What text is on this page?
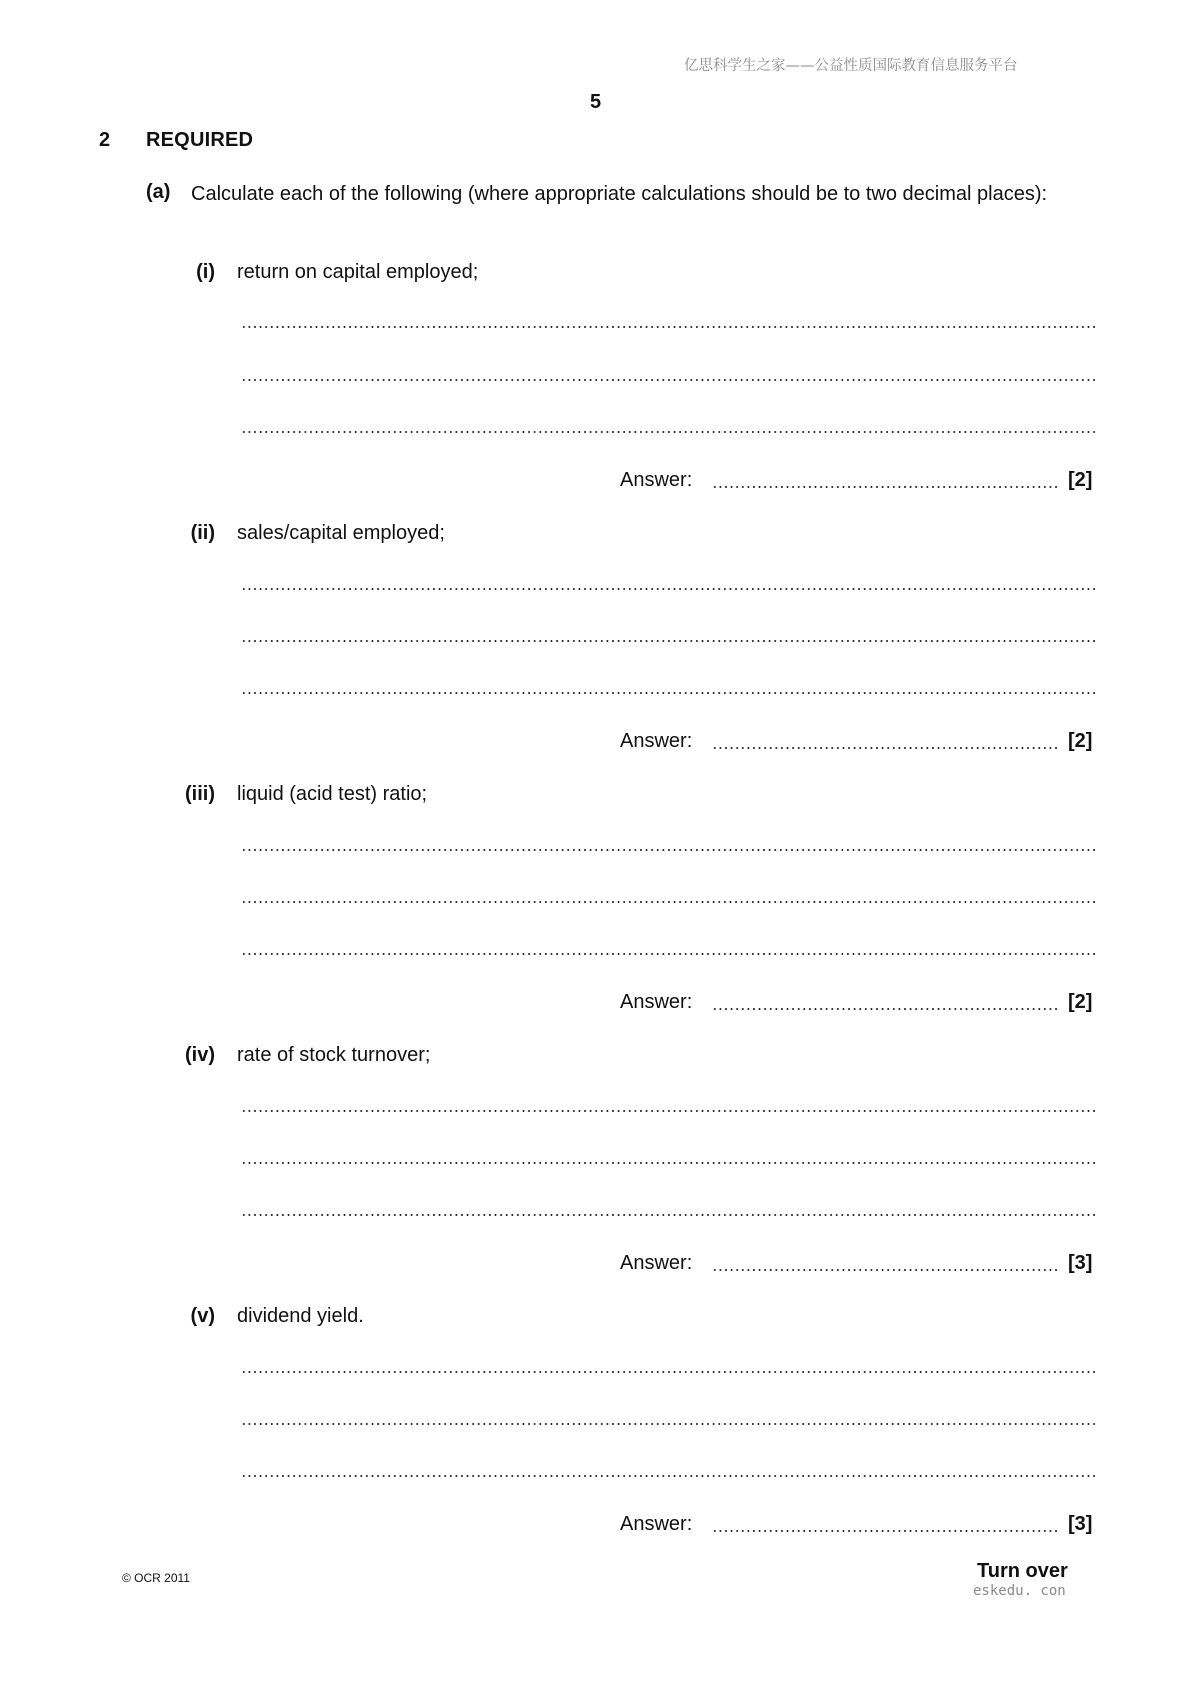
亿思科学生之家——公益性质国际教育信息服务平台
5
2 REQUIRED
(a) Calculate each of the following (where appropriate calculations should be to two decimal places):
(i) return on capital employed;
Answer:	[2]
(ii) sales/capital employed;
Answer:	[2]
(iii) liquid (acid test) ratio;
Answer:	[2]
(iv) rate of stock turnover;
Answer:	[3]
(v) dividend yield.
Answer:	[3]
© OCR 2011	Turn over
eskedu. con
